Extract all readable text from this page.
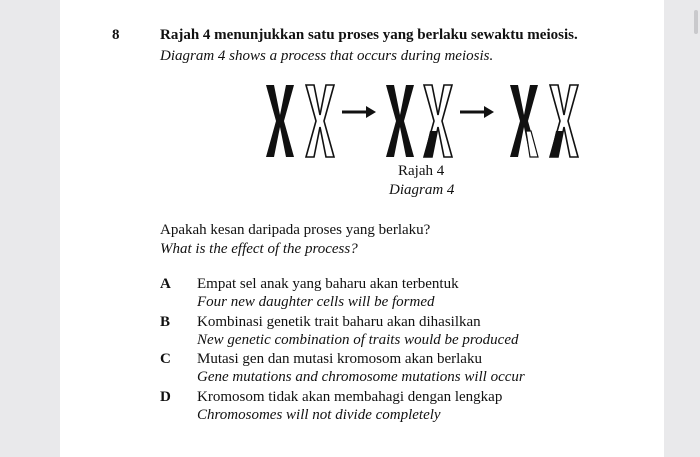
8	Rajah 4 menunjukkan satu proses yang berlaku sewaktu meiosis.
Diagram 4 shows a process that occurs during meiosis.
Rajah 4
Diagram 4
Apakah kesan daripada proses yang berlaku?
What is the effect of the process?
A Empat sel anak yang baharu akan terbentuk
Four new daughter cells will be formed
B Kombinasi genetik trait baharu akan dihasilkan
New genetic combination of traits would be produced
C Mutasi gen dan mutasi kromosom akan berlaku
Gene mutations and chromosome mutations will occur
D Kromosom tidak akan membahagi dengan lengkap
Chromosomes will not divide completely
